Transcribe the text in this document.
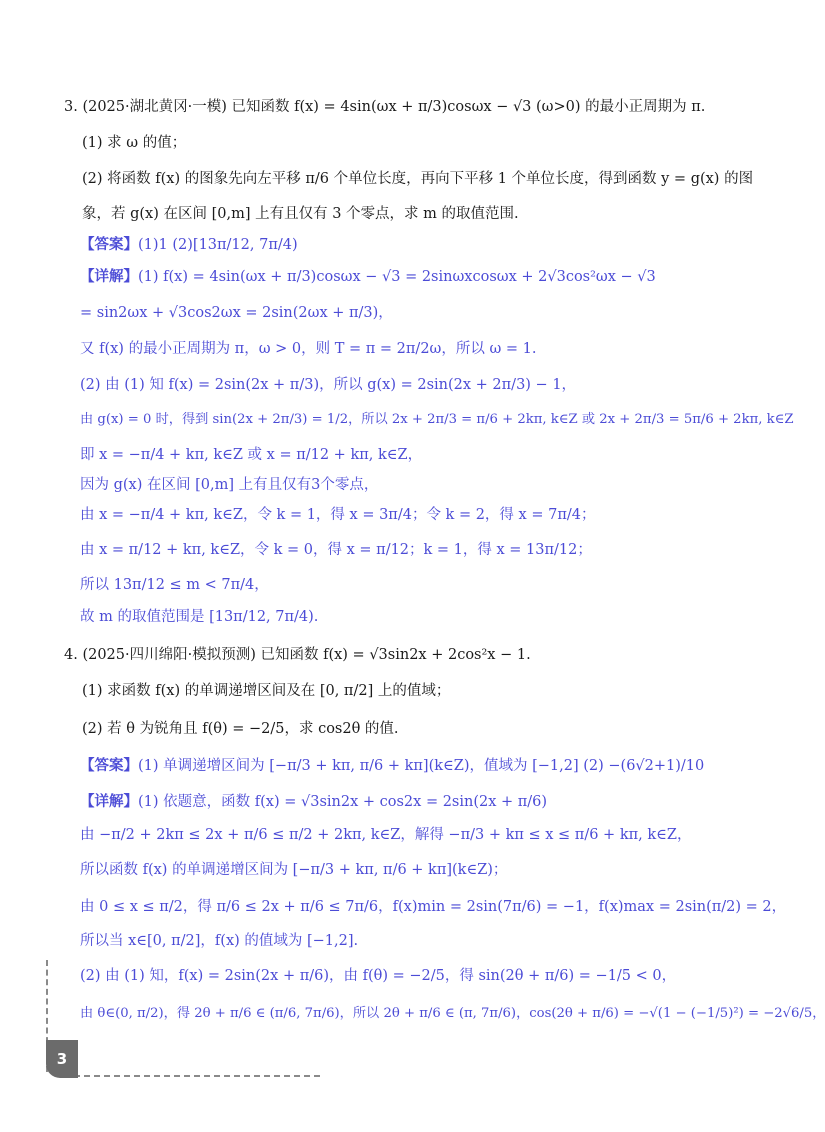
3. (2025·湖北黄冈·一模) 已知函数 f(x) = 4sin(ωx + π/3)cosωx − √3 (ω>0) 的最小正周期为 π.
(1) 求 ω 的值；
(2) 将函数 f(x) 的图象先向左平移 π/6 个单位长度，再向下平移 1 个单位长度，得到函数 y = g(x) 的图
象，若 g(x) 在区间 [0,m] 上有且仅有 3 个零点，求 m 的取值范围.
【答案】(1)1 (2)[13π/12, 7π/4)
【详解】(1) f(x) = 4sin(ωx + π/3)cosωx − √3 = 2sinωxcosωx + 2√3cos²ωx − √3
= sin2ωx + √3cos2ωx = 2sin(2ωx + π/3)，
又 f(x) 的最小正周期为 π，ω > 0，则 T = π = 2π/2ω，所以 ω = 1.
(2) 由 (1) 知 f(x) = 2sin(2x + π/3)，所以 g(x) = 2sin(2x + 2π/3) − 1，
由 g(x) = 0 时，得到 sin(2x + 2π/3) = 1/2，所以 2x + 2π/3 = π/6 + 2kπ, k∈Z 或 2x + 2π/3 = 5π/6 + 2kπ, k∈Z
即 x = −π/4 + kπ, k∈Z 或 x = π/12 + kπ, k∈Z，
因为 g(x) 在区间 [0,m] 上有且仅有3个零点，
由 x = −π/4 + kπ, k∈Z，令 k = 1，得 x = 3π/4；令 k = 2，得 x = 7π/4；
由 x = π/12 + kπ, k∈Z，令 k = 0，得 x = π/12；k = 1，得 x = 13π/12；
所以 13π/12 ≤ m < 7π/4，
故 m 的取值范围是 [13π/12, 7π/4).
4. (2025·四川绵阳·模拟预测) 已知函数 f(x) = √3sin2x + 2cos²x − 1.
(1) 求函数 f(x) 的单调递增区间及在 [0, π/2] 上的值域；
(2) 若 θ 为锐角且 f(θ) = −2/5，求 cos2θ 的值.
【答案】(1) 单调递增区间为 [−π/3 + kπ, π/6 + kπ](k∈Z)，值域为 [−1,2] (2) −(6√2+1)/10
【详解】(1) 依题意，函数 f(x) = √3sin2x + cos2x = 2sin(2x + π/6)
由 −π/2 + 2kπ ≤ 2x + π/6 ≤ π/2 + 2kπ, k∈Z，解得 −π/3 + kπ ≤ x ≤ π/6 + kπ, k∈Z，
所以函数 f(x) 的单调递增区间为 [−π/3 + kπ, π/6 + kπ](k∈Z)；
由 0 ≤ x ≤ π/2，得 π/6 ≤ 2x + π/6 ≤ 7π/6，f(x)min = 2sin(7π/6) = −1，f(x)max = 2sin(π/2) = 2，
所以当 x∈[0, π/2]，f(x) 的值域为 [−1,2].
(2) 由 (1) 知，f(x) = 2sin(2x + π/6)，由 f(θ) = −2/5，得 sin(2θ + π/6) = −1/5 < 0，
由 θ∈(0, π/2)，得 2θ + π/6 ∈ (π/6, 7π/6)，所以 2θ + π/6 ∈ (π, 7π/6)，cos(2θ + π/6) = −√(1 − (−1/5)²) = −2√6/5，
3
